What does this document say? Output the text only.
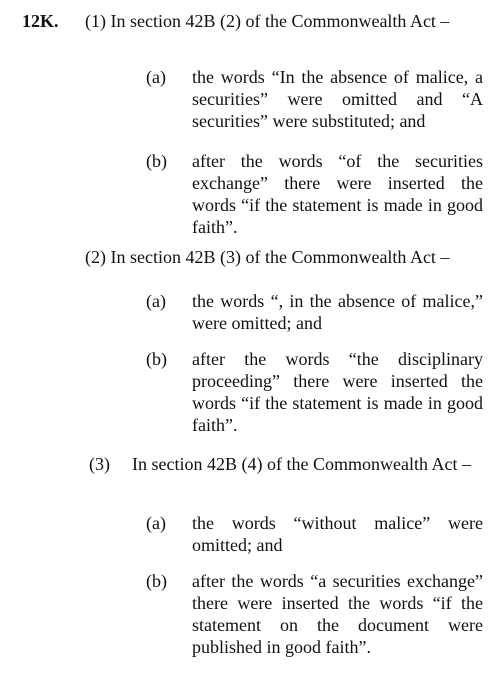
12K. (1) In section 42B (2) of the Commonwealth Act –
(a) the words “In the absence of malice, a securities” were omitted and “A securities” were substituted; and
(b) after the words “of the securities exchange” there were inserted the words “if the statement is made in good faith”.
(2) In section 42B (3) of the Commonwealth Act –
(a) the words “, in the absence of malice,” were omitted; and
(b) after the words “the disciplinary proceeding” there were inserted the words “if the statement is made in good faith”.
(3) In section 42B (4) of the Commonwealth Act –
(a) the words “without malice” were omitted; and
(b) after the words “a securities exchange” there were inserted the words “if the statement on the document were published in good faith”.
